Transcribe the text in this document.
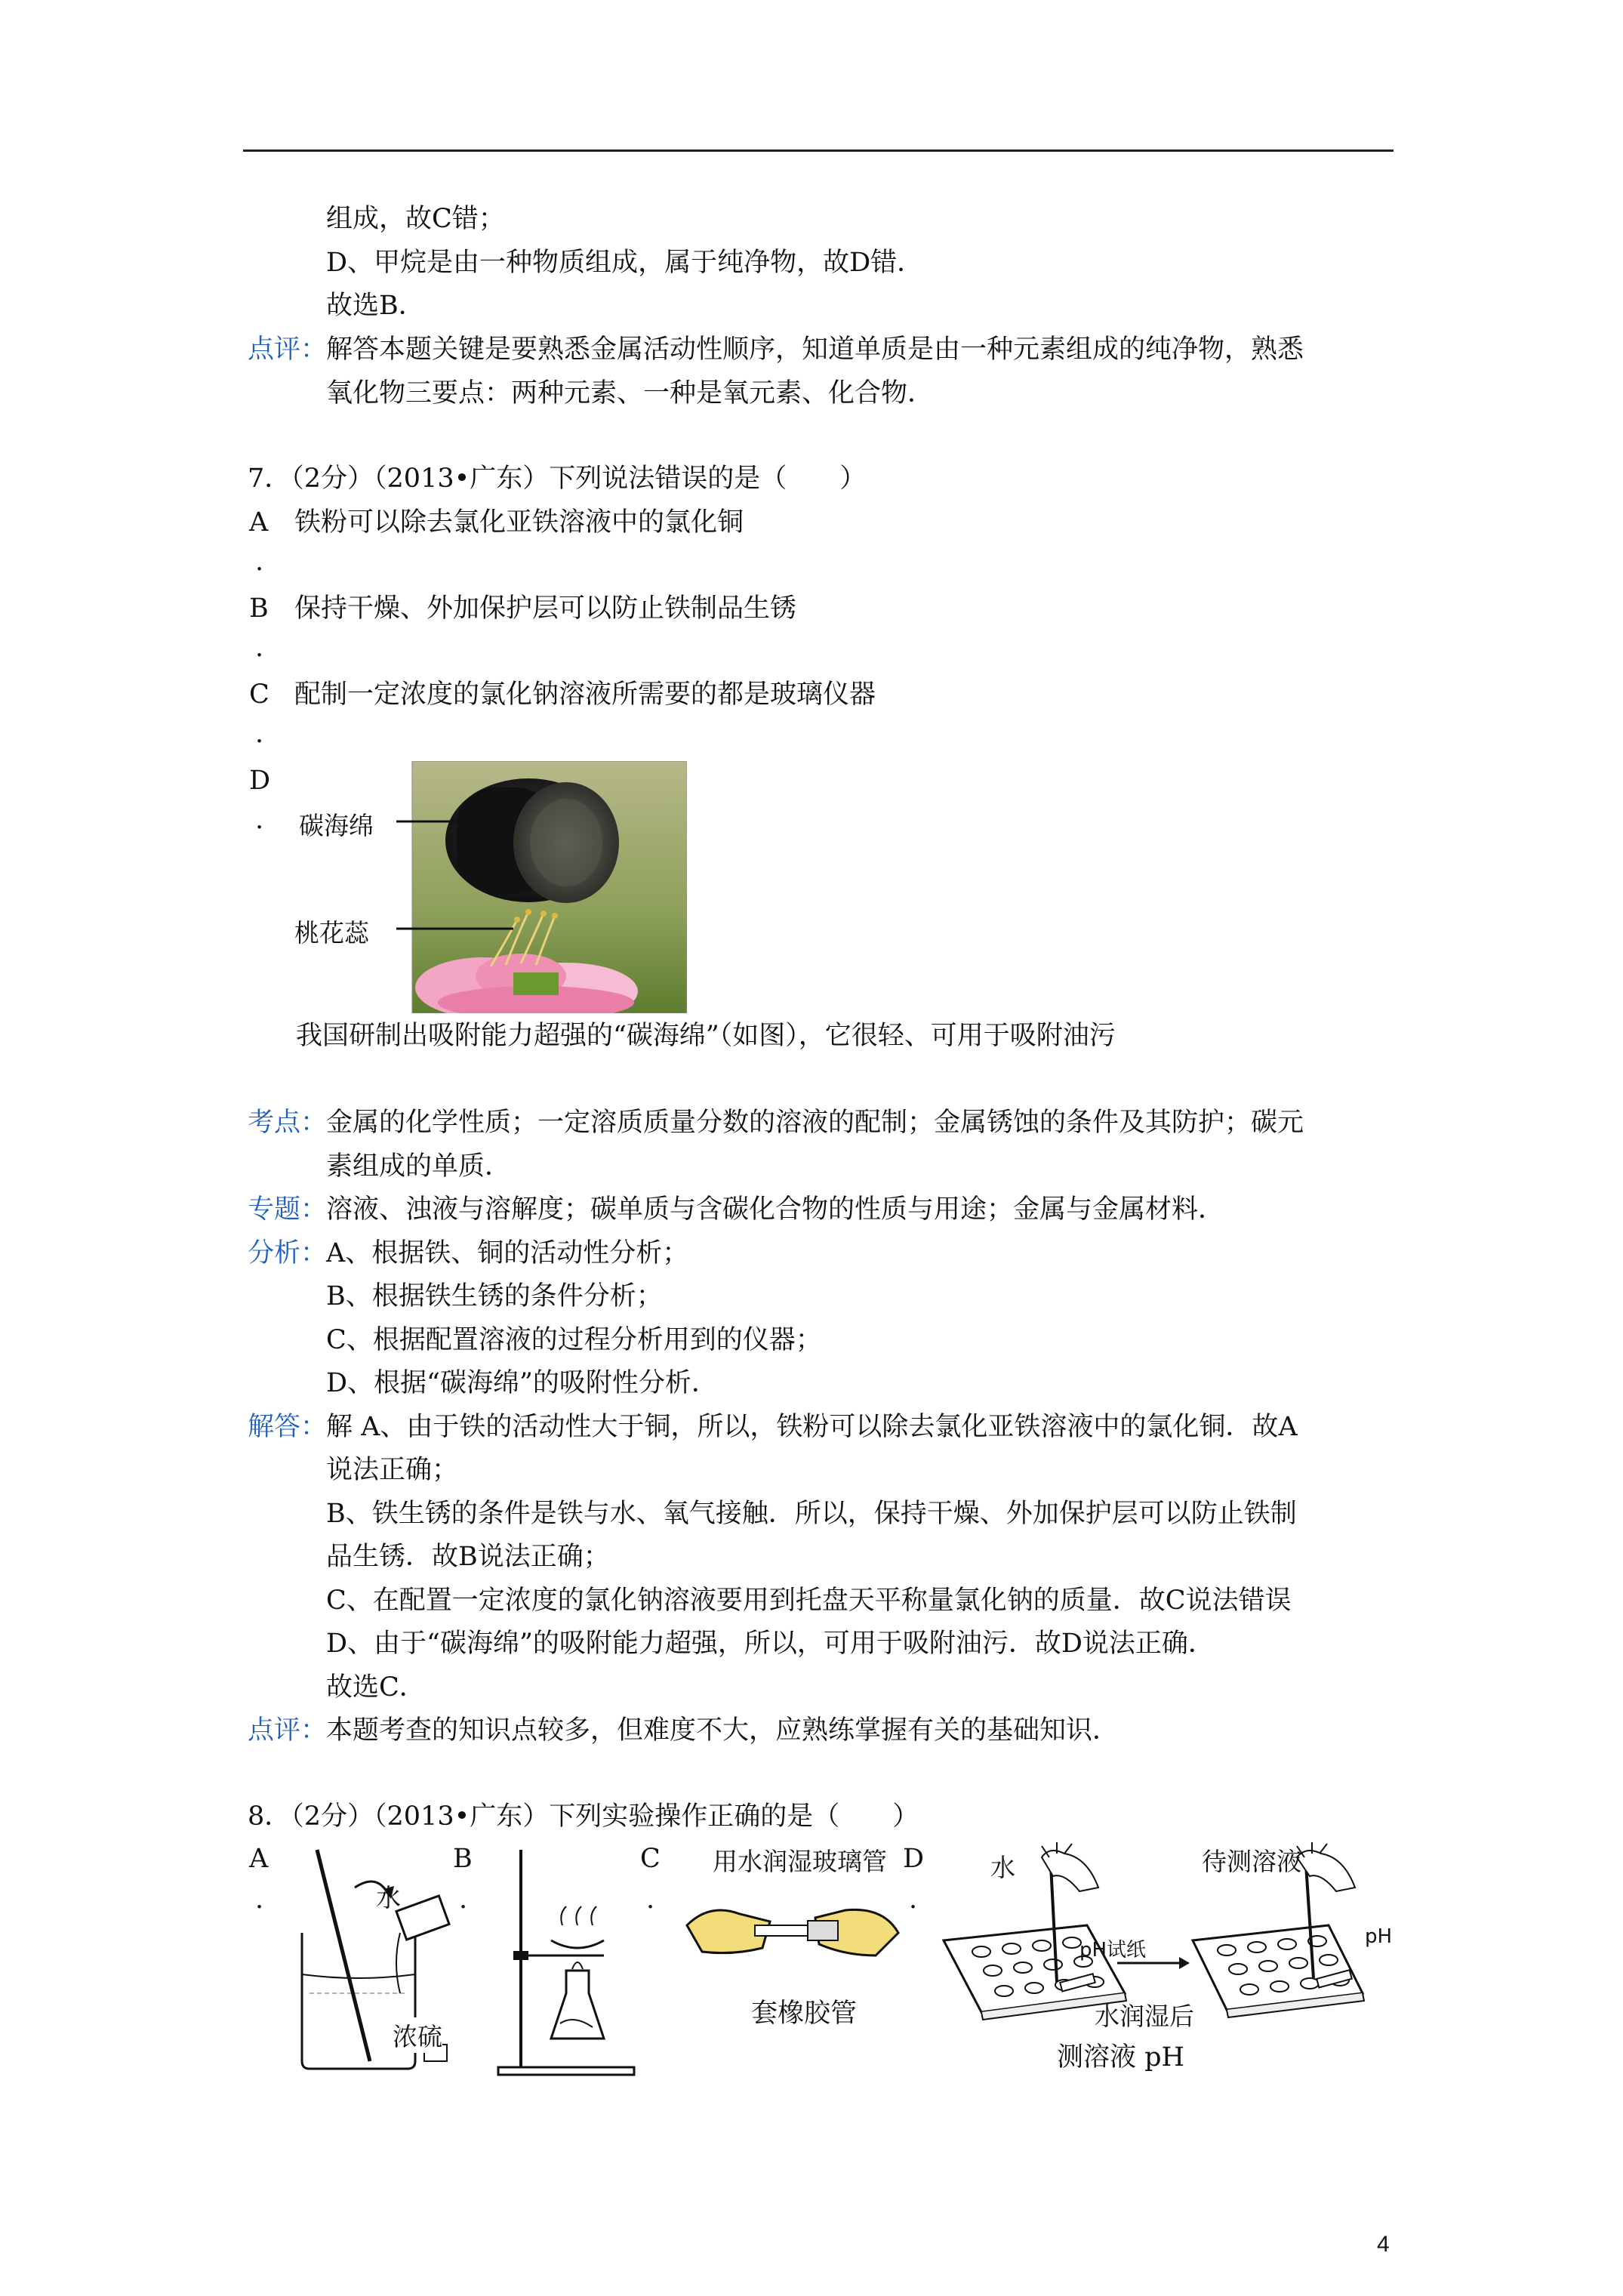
组成，故C错；
D、甲烷是由一种物质组成，属于纯净物，故D错．
故选B．
点评：
解答本题关键是要熟悉金属活动性顺序，知道单质是由一种元素组成的纯净物，熟悉
氧化物三要点：两种元素、一种是氧元素、化合物．
7．（2分）（2013•广东）下列说法错误的是（　　）
A 铁粉可以除去氯化亚铁溶液中的氯化铜
.
B 保持干燥、外加保护层可以防止铁制品生锈
.
C 配制一定浓度的氯化钠溶液所需要的都是玻璃仪器
.
D
. 碳海绵
桃花蕊
我国研制出吸附能力超强的“碳海绵”（如图），它很轻、可用于吸附油污
考点：
金属的化学性质；一定溶质质量分数的溶液的配制；金属锈蚀的条件及其防护；碳元
素组成的单质．
专题：
溶液、浊液与溶解度；碳单质与含碳化合物的性质与用途；金属与金属材料．
分析：
A、根据铁、铜的活动性分析；
B、根据铁生锈的条件分析；
C、根据配置溶液的过程分析用到的仪器；
D、根据“碳海绵”的吸附性分析．
解答：
解 A、由于铁的活动性大于铜，所以，铁粉可以除去氯化亚铁溶液中的氯化铜．故A
说法正确；
B、铁生锈的条件是铁与水、氧气接触．所以，保持干燥、外加保护层可以防止铁制
品生锈．故B说法正确；
C、在配置一定浓度的氯化钠溶液要用到托盘天平称量氯化钠的质量．故C说法错误
D、由于“碳海绵”的吸附能力超强，所以，可用于吸附油污．故D说法正确．
故选C．
点评：
本题考查的知识点较多，但难度不大，应熟练掌握有关的基础知识．
8．（2分）（2013•广东）下列实验操作正确的是（　　）
A
.
B
.
C
.
D
.
水
浓硫
用水润湿玻璃管
套橡胶管
水
pH试纸
水润湿后
待测溶液
pH
测溶液 pH
4
